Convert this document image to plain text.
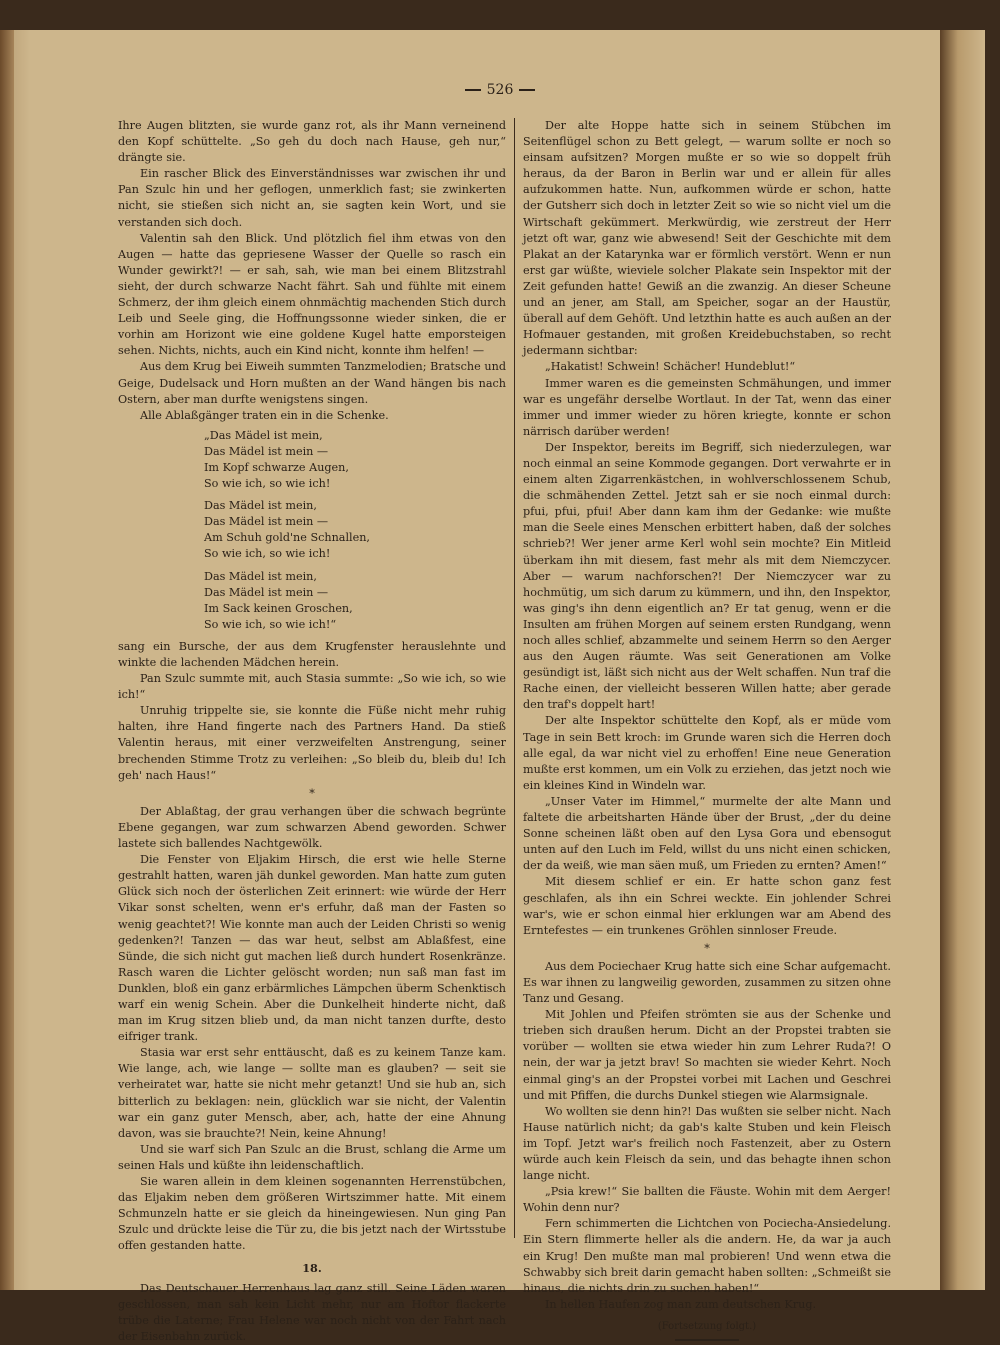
526

Ihre Augen blitzten, sie wurde ganz rot, als ihr Mann verneinend den Kopf schüttelte. „So geh du doch nach Hause, geh nur,“ drängte sie.

Ein rascher Blick des Einverständnisses war zwischen ihr und Pan Szulc hin und her geflogen, unmerklich fast; sie zwinkerten nicht, sie stießen sich nicht an, sie sagten kein Wort, und sie verstanden sich doch.

Valentin sah den Blick. Und plötzlich fiel ihm etwas von den Augen — hatte das gepriesene Wasser der Quelle so rasch ein Wunder gewirkt?! — er sah, sah, wie man bei einem Blitzstrahl sieht, der durch schwarze Nacht fährt. Sah und fühlte mit einem Schmerz, der ihm gleich einem ohnmächtig machenden Stich durch Leib und Seele ging, die Hoffnungssonne wieder sinken, die er vorhin am Horizont wie eine goldene Kugel hatte emporsteigen sehen. Nichts, nichts, auch ein Kind nicht, konnte ihm helfen! —

Aus dem Krug bei Eiweih summten Tanzmelodien; Bratsche und Geige, Dudelsack und Horn mußten an der Wand hängen bis nach Ostern, aber man durfte wenigstens singen.

Alle Ablaßgänger traten ein in die Schenke.

„Das Mädel ist mein,
Das Mädel ist mein —
Im Kopf schwarze Augen,
So wie ich, so wie ich!
Das Mädel ist mein,
Das Mädel ist mein —
Am Schuh gold'ne Schnallen,
So wie ich, so wie ich!
Das Mädel ist mein,
Das Mädel ist mein —
Im Sack keinen Groschen,
So wie ich, so wie ich!“

sang ein Bursche, der aus dem Krugfenster herauslehnte und winkte die lachenden Mädchen herein.

Pan Szulc summte mit, auch Stasia summte: „So wie ich, so wie ich!“

Unruhig trippelte sie, sie konnte die Füße nicht mehr ruhig halten, ihre Hand fingerte nach des Partners Hand. Da stieß Valentin heraus, mit einer verzweifelten Anstrengung, seiner brechenden Stimme Trotz zu verleihen: „So bleib du, bleib du! Ich geh' nach Haus!“

*

Der Ablaßtag, der grau verhangen über die schwach begrünte Ebene gegangen, war zum schwarzen Abend geworden. Schwer lastete sich ballendes Nachtgewölk.

Die Fenster von Eljakim Hirsch, die erst wie helle Sterne gestrahlt hatten, waren jäh dunkel geworden. Man hatte zum guten Glück sich noch der österlichen Zeit erinnert: wie würde der Herr Vikar sonst schelten, wenn er's erfuhr, daß man der Fasten so wenig geachtet?! Wie konnte man auch der Leiden Christi so wenig gedenken?! Tanzen — das war heut, selbst am Ablaßfest, eine Sünde, die sich nicht gut machen ließ durch hundert Rosenkränze. Rasch waren die Lichter gelöscht worden; nun saß man fast im Dunklen, bloß ein ganz erbärmliches Lämpchen überm Schenktisch warf ein wenig Schein. Aber die Dunkelheit hinderte nicht, daß man im Krug sitzen blieb und, da man nicht tanzen durfte, desto eifriger trank.

Stasia war erst sehr enttäuscht, daß es zu keinem Tanze kam. Wie lange, ach, wie lange — sollte man es glauben? — seit sie verheiratet war, hatte sie nicht mehr getanzt! Und sie hub an, sich bitterlich zu beklagen: nein, glücklich war sie nicht, der Valentin war ein ganz guter Mensch, aber, ach, hatte der eine Ahnung davon, was sie brauchte?! Nein, keine Ahnung!

Und sie warf sich Pan Szulc an die Brust, schlang die Arme um seinen Hals und küßte ihn leidenschaftlich.

Sie waren allein in dem kleinen sogenannten Herrenstübchen, das Eljakim neben dem größeren Wirtszimmer hatte. Mit einem Schmunzeln hatte er sie gleich da hineingewiesen. Nun ging Pan Szulc und drückte leise die Tür zu, die bis jetzt nach der Wirtsstube offen gestanden hatte.

18.

Das Deutschauer Herrenhaus lag ganz still. Seine Läden waren geschlossen, man sah kein Licht mehr, nur am Hoftor flackerte trübe die Laterne; Frau Helene war noch nicht von der Fahrt nach der Eisenbahn zurück.

Der alte Hoppe hatte sich in seinem Stübchen im Seitenflügel schon zu Bett gelegt, — warum sollte er noch so einsam aufsitzen? Morgen mußte er so wie so doppelt früh heraus, da der Baron in Berlin war und er allein für alles aufzukommen hatte. Nun, aufkommen würde er schon, hatte der Gutsherr sich doch in letzter Zeit so wie so nicht viel um die Wirtschaft gekümmert. Merkwürdig, wie zerstreut der Herr jetzt oft war, ganz wie abwesend! Seit der Geschichte mit dem Plakat an der Katarynka war er förmlich verstört. Wenn er nun erst gar wüßte, wieviele solcher Plakate sein Inspektor mit der Zeit gefunden hatte! Gewiß an die zwanzig. An dieser Scheune und an jener, am Stall, am Speicher, sogar an der Haustür, überall auf dem Gehöft. Und letzthin hatte es auch außen an der Hofmauer gestanden, mit großen Kreidebuchstaben, so recht jedermann sichtbar:

„Hakatist! Schwein! Schächer! Hundeblut!“

Immer waren es die gemeinsten Schmähungen, und immer war es ungefähr derselbe Wortlaut. In der Tat, wenn das einer immer und immer wieder zu hören kriegte, konnte er schon närrisch darüber werden!

Der Inspektor, bereits im Begriff, sich niederzulegen, war noch einmal an seine Kommode gegangen. Dort verwahrte er in einem alten Zigarrenkästchen, in wohlverschlossenem Schub, die schmähenden Zettel. Jetzt sah er sie noch einmal durch: pfui, pfui, pfui! Aber dann kam ihm der Gedanke: wie mußte man die Seele eines Menschen erbittert haben, daß der solches schrieb?! Wer jener arme Kerl wohl sein mochte? Ein Mitleid überkam ihn mit diesem, fast mehr als mit dem Niemczycer. Aber — warum nachforschen?! Der Niemczycer war zu hochmütig, um sich darum zu kümmern, und ihn, den Inspektor, was ging's ihn denn eigentlich an? Er tat genug, wenn er die Insulten am frühen Morgen auf seinem ersten Rundgang, wenn noch alles schlief, abzammelte und seinem Herrn so den Aerger aus den Augen räumte. Was seit Generationen am Volke gesündigt ist, läßt sich nicht aus der Welt schaffen. Nun traf die Rache einen, der vielleicht besseren Willen hatte; aber gerade den traf's doppelt hart!

Der alte Inspektor schüttelte den Kopf, als er müde vom Tage in sein Bett kroch: im Grunde waren sich die Herren doch alle egal, da war nicht viel zu erhoffen! Eine neue Generation mußte erst kommen, um ein Volk zu erziehen, das jetzt noch wie ein kleines Kind in Windeln war.

„Unser Vater im Himmel,“ murmelte der alte Mann und faltete die arbeitsharten Hände über der Brust, „der du deine Sonne scheinen läßt oben auf den Lysa Gora und ebensogut unten auf den Luch im Feld, willst du uns nicht einen schicken, der da weiß, wie man säen muß, um Frieden zu ernten? Amen!“

Mit diesem schlief er ein. Er hatte schon ganz fest geschlafen, als ihn ein Schrei weckte. Ein johlender Schrei war's, wie er schon einmal hier erklungen war am Abend des Erntefestes — ein trunkenes Gröhlen sinnloser Freude.

*

Aus dem Pociechaer Krug hatte sich eine Schar aufgemacht. Es war ihnen zu langweilig geworden, zusammen zu sitzen ohne Tanz und Gesang.

Mit Johlen und Pfeifen strömten sie aus der Schenke und trieben sich draußen herum. Dicht an der Propstei trabten sie vorüber — wollten sie etwa wieder hin zum Lehrer Ruda?! O nein, der war ja jetzt brav! So machten sie wieder Kehrt. Noch einmal ging's an der Propstei vorbei mit Lachen und Geschrei und mit Pfiffen, die durchs Dunkel stiegen wie Alarmsignale.

Wo wollten sie denn hin?! Das wußten sie selber nicht. Nach Hause natürlich nicht; da gab's kalte Stuben und kein Fleisch im Topf. Jetzt war's freilich noch Fastenzeit, aber zu Ostern würde auch kein Fleisch da sein, und das behagte ihnen schon lange nicht.

„Psia krew!“ Sie ballten die Fäuste. Wohin mit dem Aerger! Wohin denn nur?

Fern schimmerten die Lichtchen von Pociecha-Ansiedelung. Ein Stern flimmerte heller als die andern. He, da war ja auch ein Krug! Den mußte man mal probieren! Und wenn etwa die Schwabby sich breit darin gemacht haben sollten: „Schmeißt sie hinaus, die nichts drin zu suchen haben!“

In hellen Haufen zog man zum deutschen Krug.

(Fortsetzung folgt.)
